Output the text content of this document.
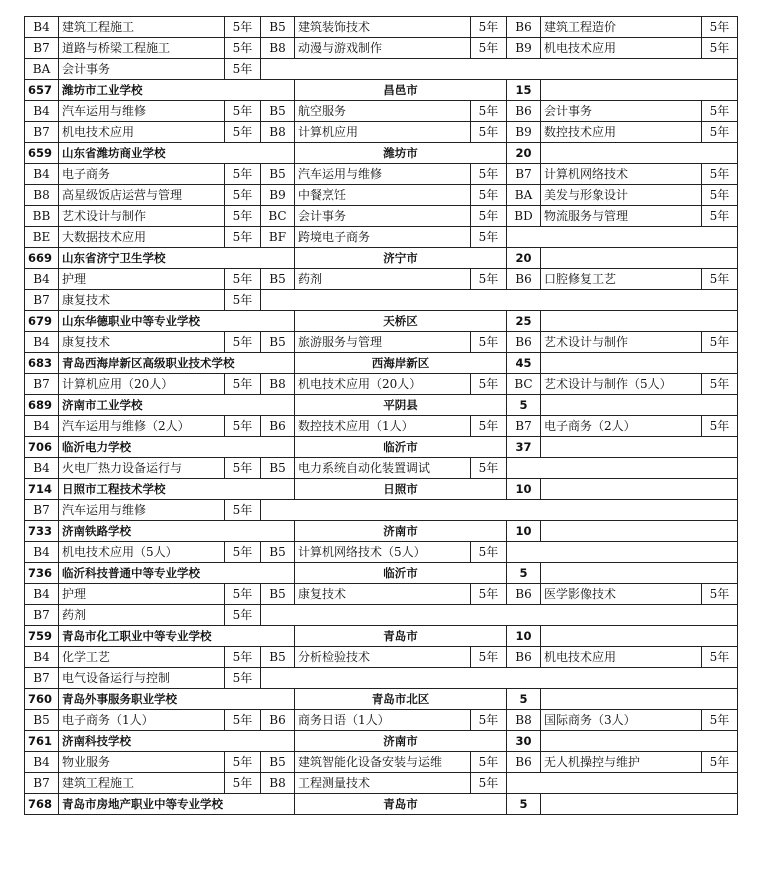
B4	建筑工程施工	5年	B5	建筑装饰技术	5年	B6	建筑工程造价	5年
B7	道路与桥梁工程施工	5年	B8	动漫与游戏制作	5年	B9	机电技术应用	5年
BA	会计事务	5年						
657	潍坊市工业学校			昌邑市		15		
B4	汽车运用与维修	5年	B5	航空服务	5年	B6	会计事务	5年
B7	机电技术应用	5年	B8	计算机应用	5年	B9	数控技术应用	5年
659	山东省潍坊商业学校			潍坊市		20		
B4	电子商务	5年	B5	汽车运用与维修	5年	B7	计算机网络技术	5年
B8	高星级饭店运营与管理	5年	B9	中餐烹饪	5年	BA	美发与形象设计	5年
BB	艺术设计与制作	5年	BC	会计事务	5年	BD	物流服务与管理	5年
BE	大数据技术应用	5年	BF	跨境电子商务	5年			
669	山东省济宁卫生学校			济宁市		20		
B4	护理	5年	B5	药剂	5年	B6	口腔修复工艺	5年
B7	康复技术	5年						
679	山东华德职业中等专业学校			天桥区		25		
B4	康复技术	5年	B5	旅游服务与管理	5年	B6	艺术设计与制作	5年
683	青岛西海岸新区高级职业技术学校			西海岸新区		45		
B7	计算机应用（20人）	5年	B8	机电技术应用（20人）	5年	BC	艺术设计与制作（5人）	5年
689	济南市工业学校			平阴县		5		
B4	汽车运用与维修（2人）	5年	B6	数控技术应用（1人）	5年	B7	电子商务（2人）	5年
706	临沂电力学校			临沂市		37		
B4	火电厂热力设备运行与	5年	B5	电力系统自动化装置调试	5年			
714	日照市工程技术学校			日照市		10		
B7	汽车运用与维修	5年						
733	济南铁路学校			济南市		10		
B4	机电技术应用（5人）	5年	B5	计算机网络技术（5人）	5年			
736	临沂科技普通中等专业学校			临沂市		5		
B4	护理	5年	B5	康复技术	5年	B6	医学影像技术	5年
B7	药剂	5年						
759	青岛市化工职业中等专业学校			青岛市		10		
B4	化学工艺	5年	B5	分析检验技术	5年	B6	机电技术应用	5年
B7	电气设备运行与控制	5年						
760	青岛外事服务职业学校			青岛市北区		5		
B5	电子商务（1人）	5年	B6	商务日语（1人）	5年	B8	国际商务（3人）	5年
761	济南科技学校			济南市		30		
B4	物业服务	5年	B5	建筑智能化设备安装与运维	5年	B6	无人机操控与维护	5年
B7	建筑工程施工	5年	B8	工程测量技术	5年			
768	青岛市房地产职业中等专业学校			青岛市		5		
